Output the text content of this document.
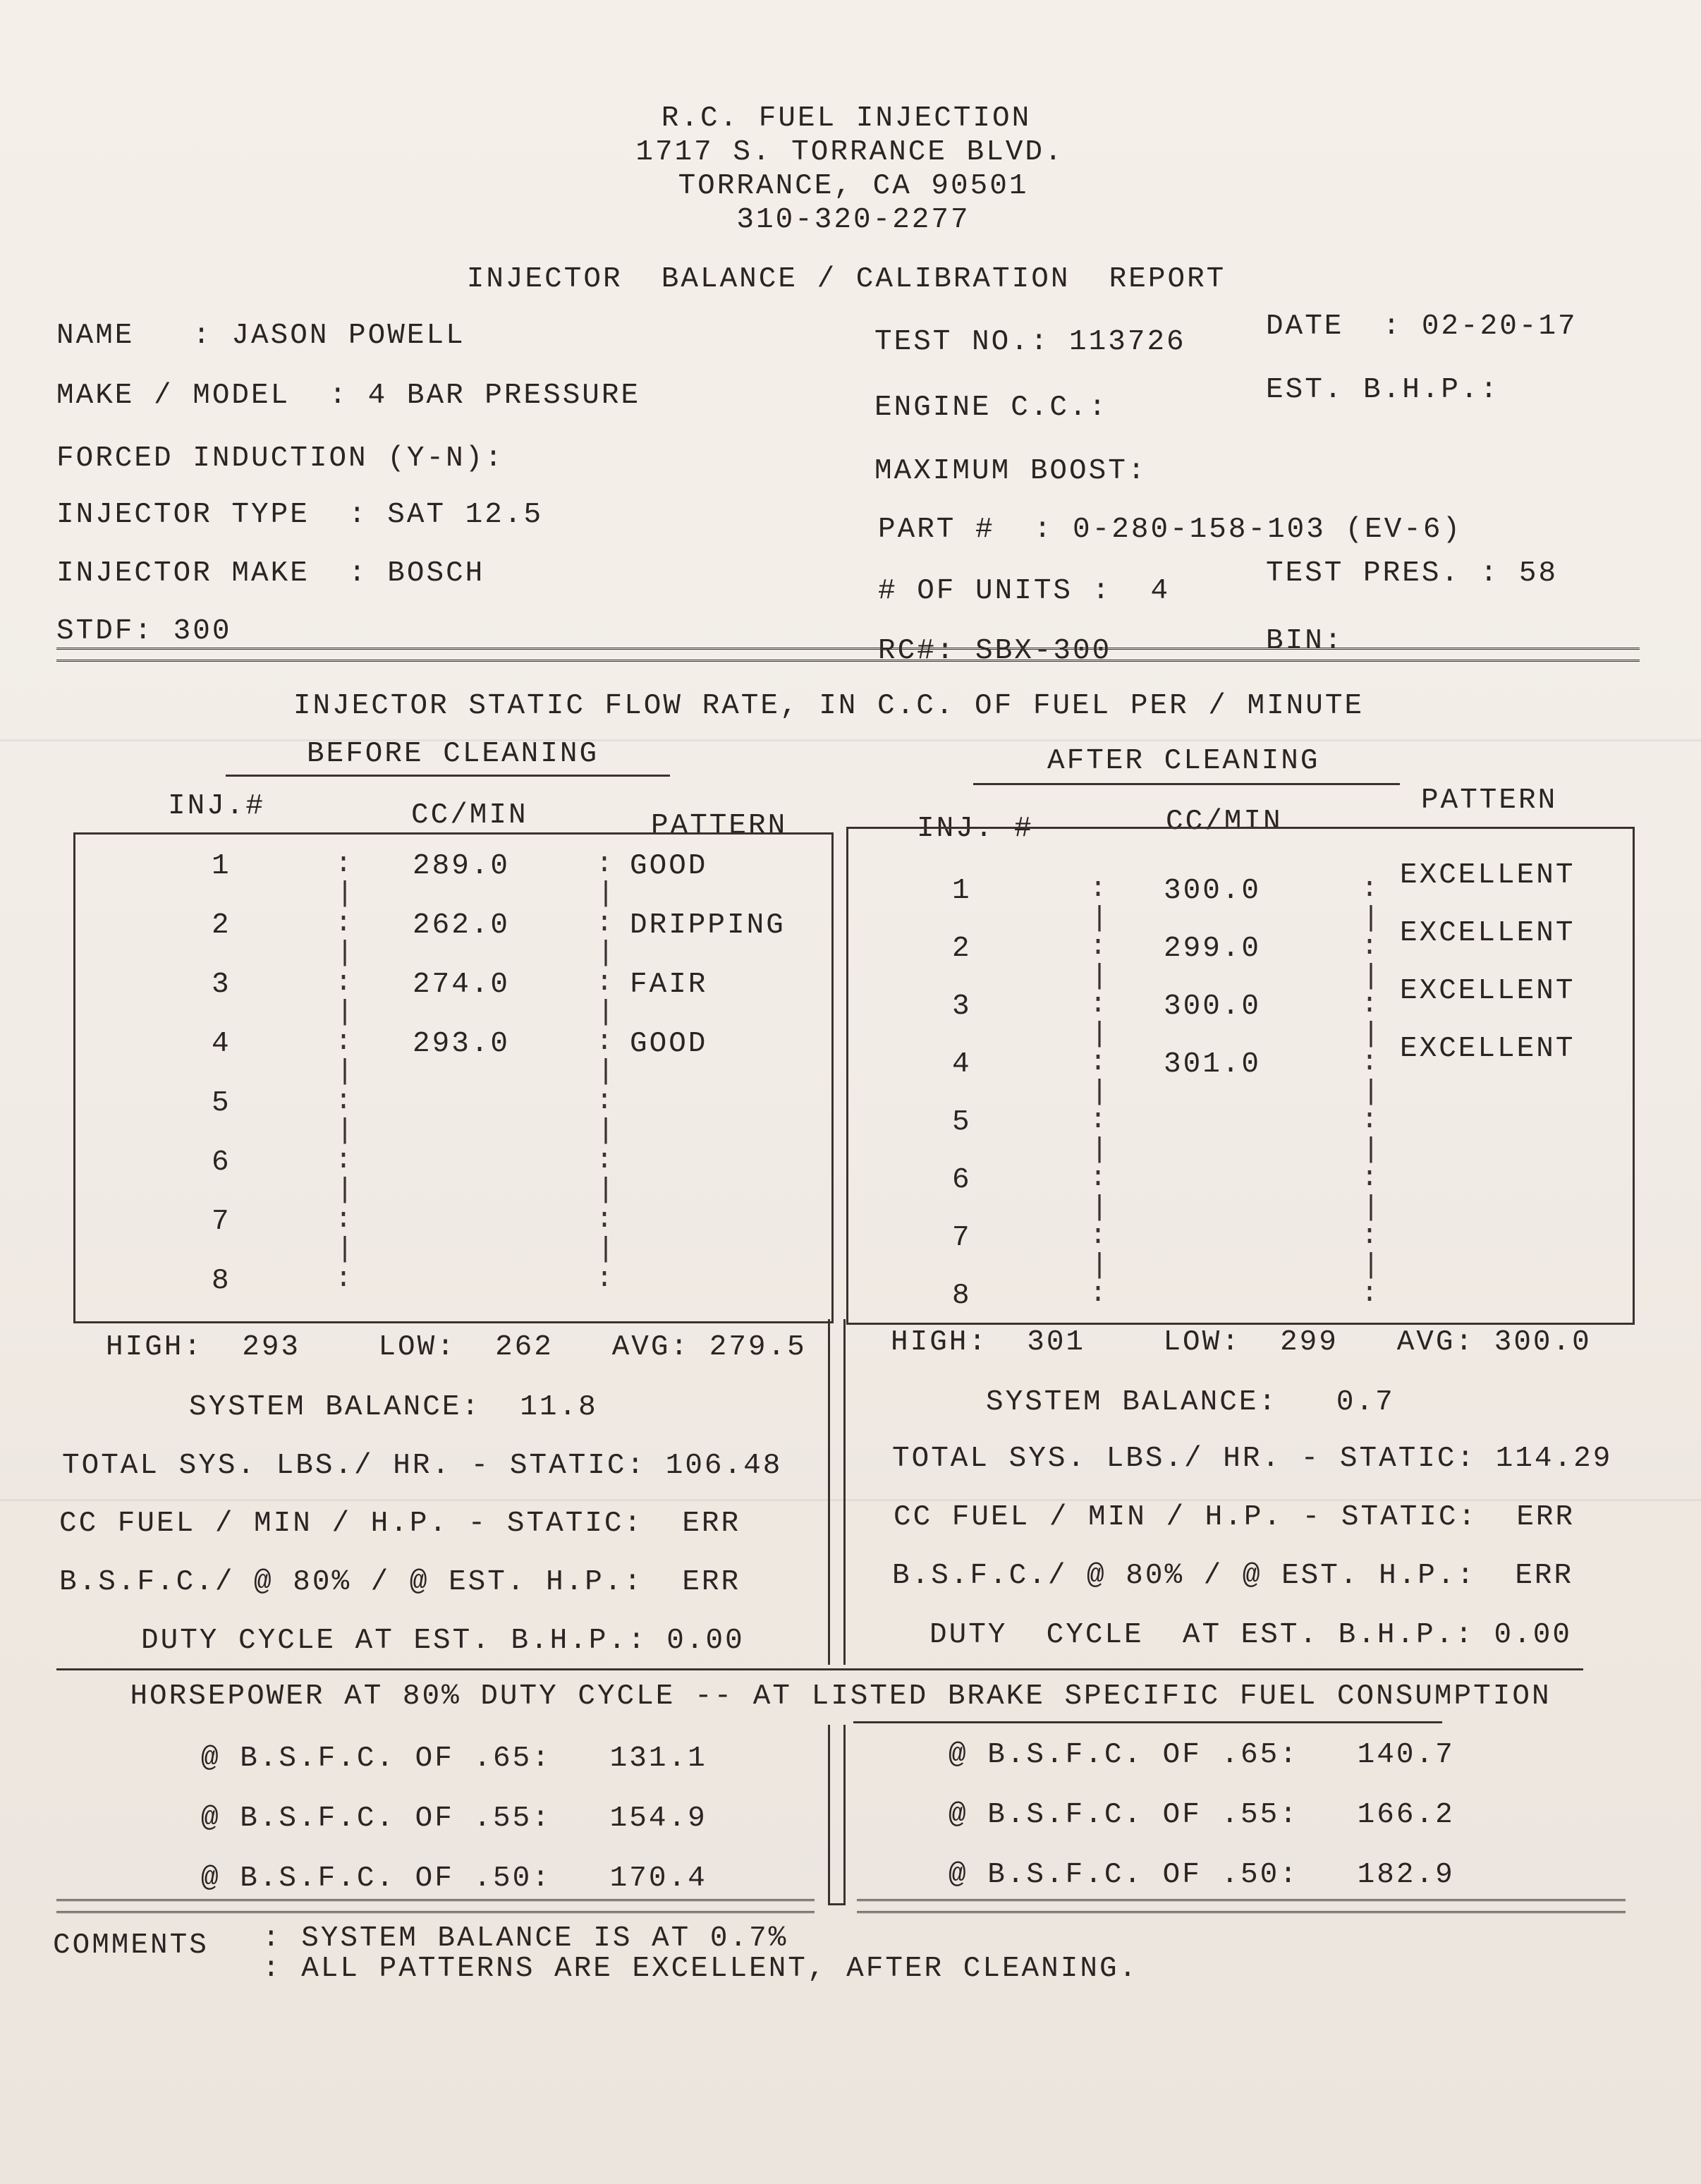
R.C. FUEL INJECTION
1717 S. TORRANCE BLVD.
TORRANCE, CA 90501
310-320-2277
INJECTOR  BALANCE / CALIBRATION  REPORT
NAME   : JASON POWELL
MAKE / MODEL  : 4 BAR PRESSURE
FORCED INDUCTION (Y-N):
INJECTOR TYPE  : SAT 12.5
INJECTOR MAKE  : BOSCH
STDF: 300
TEST NO.: 113726	DATE  : 02-20-17
ENGINE C.C.:
EST. B.H.P.:
MAXIMUM BOOST:
PART #  : 0-280-158-103 (EV-6)
# OF UNITS :  4
TEST PRES. : 58
RC#: SBX-300	BIN:
INJECTOR STATIC FLOW RATE, IN C.C. OF FUEL PER / MINUTE
BEFORE CLEANING	AFTER CLEANING
INJ.#	CC/MIN	PATTERN	INJ. #	CC/MIN
PATTERN
1	: 289.0	: GOOD
|	|
2	: 262.0	: DRIPPING
|	|
3	: 274.0	: FAIR
|	|
4	: 293.0	: GOOD
|	|
5	:	:
|	|
6	:	:
|	|
7	:	:
|	|
8	:	:
1	: 300.0	: EXCELLENT
|	|
2	: 299.0	: EXCELLENT
|	|
3	: 300.0	: EXCELLENT
|	|
4	: 301.0	: EXCELLENT
|	|
5	:	:
|	|
6	:	:
|	|
7	:	:
|	|
8	:	:
HIGH:  293    LOW:  262   AVG: 279.5
SYSTEM BALANCE:  11.8
TOTAL SYS. LBS./ HR. - STATIC: 106.48
CC FUEL / MIN / H.P. - STATIC:  ERR
B.S.F.C./ @ 80% / @ EST. H.P.:  ERR
DUTY CYCLE AT EST. B.H.P.: 0.00
HIGH:  301    LOW:  299   AVG: 300.0
SYSTEM BALANCE:   0.7
TOTAL SYS. LBS./ HR. - STATIC: 114.29
CC FUEL / MIN / H.P. - STATIC:  ERR
B.S.F.C./ @ 80% / @ EST. H.P.:  ERR
DUTY  CYCLE  AT EST. B.H.P.: 0.00
HORSEPOWER AT 80% DUTY CYCLE -- AT LISTED BRAKE SPECIFIC FUEL CONSUMPTION
@ B.S.F.C. OF .65:   131.1
@ B.S.F.C. OF .55:   154.9
@ B.S.F.C. OF .50:   170.4
@ B.S.F.C. OF .65:   140.7
@ B.S.F.C. OF .55:   166.2
@ B.S.F.C. OF .50:   182.9
COMMENTS : SYSTEM BALANCE IS AT 0.7%
: ALL PATTERNS ARE EXCELLENT, AFTER CLEANING.
